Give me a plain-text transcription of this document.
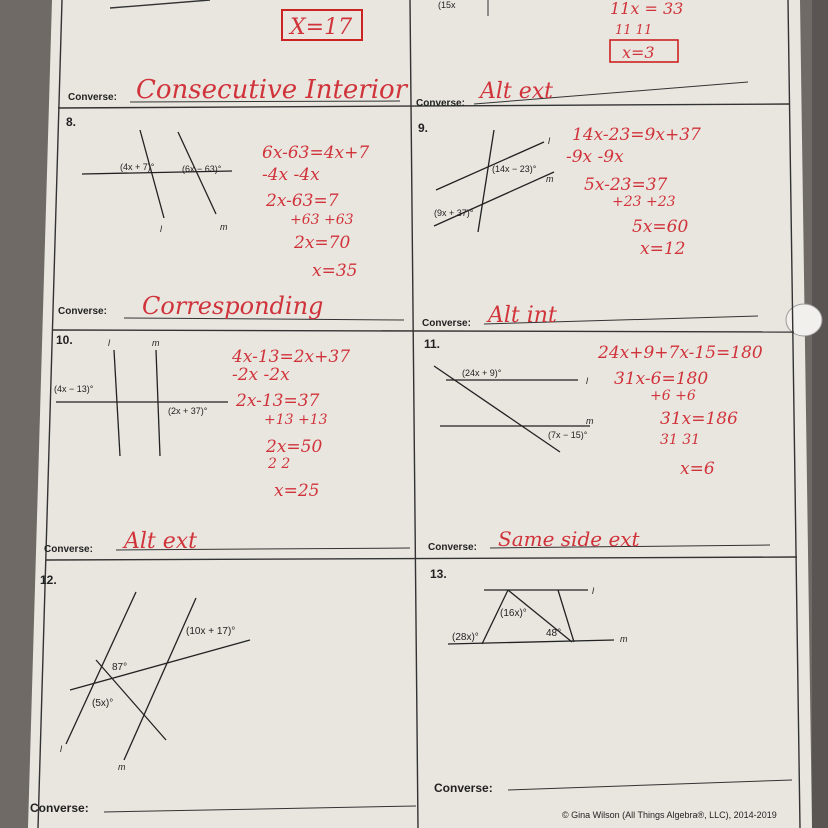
X=17
(15x	11x = 33
11 11
x=3
Converse: Consecutive Interior Converse: Alt ext
8.
(4x + 7)°	(6x − 63)°
l	m
6x-63=4x+7
-4x -4x
2x-63=7
+63 +63
2x=70
x=35
Converse: Corresponding
9.
(14x − 23)°
(9x + 37)°
l
m
14x-23=9x+37
-9x -9x
5x-23=37
+23 +23
5x=60
x=12
Converse: Alt int
10.
(4x − 13)°
(2x + 37)°
l	m
4x-13=2x+37
-2x -2x
2x-13=37
+13 +13
2x=50
2 2
x=25
Converse: Alt ext
11.
(24x + 9)°
(7x − 15)°
l
m
24x+9+7x-15=180
31x-6=180
+6 +6
31x=186
31 31
x=6
Converse: Same side ext
12.
(10x + 17)°
87°
(5x)°
l
m
Converse:
13.
(16x)°
(28x)°	48°
l
m
Converse:
© Gina Wilson (All Things Algebra®, LLC), 2014-2019
